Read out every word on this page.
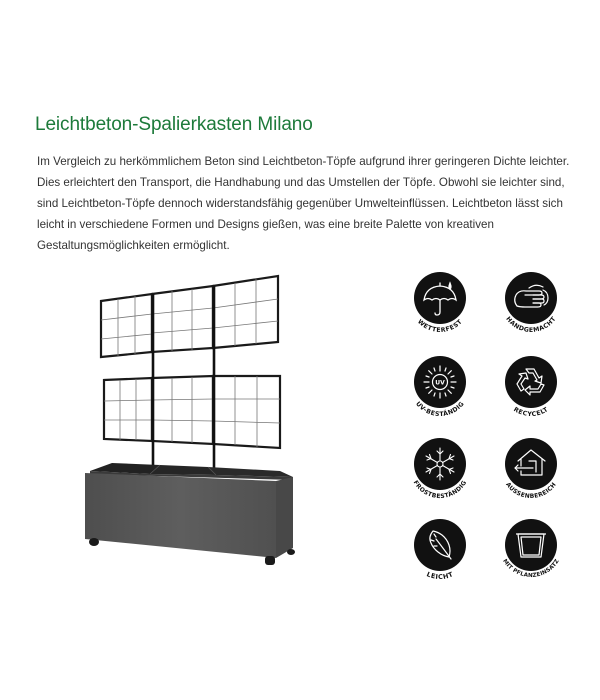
Leichtbeton-Spalierkasten Milano

Im Vergleich zu herkömmlichem Beton sind Leichtbeton-Töpfe aufgrund ihrer geringeren Dichte leichter.
Dies erleichtert den Transport, die Handhabung und das Umstellen der Töpfe. Obwohl sie leichter sind,
sind Leichtbeton-Töpfe dennoch widerstandsfähig gegenüber Umwelteinflüssen. Leichtbeton lässt sich
leicht in verschiedene Formen und Designs gießen, was eine breite Palette von kreativen
Gestaltungsmöglichkeiten ermöglicht.

WETTERFEST	HANDGEMACHT
UV
UV-BESTÄNDIG
RECYCELT
FROSTBESTÄNDIG	AUSSENBEREICH
LEICHT
MIT PFLANZEINSATZ
